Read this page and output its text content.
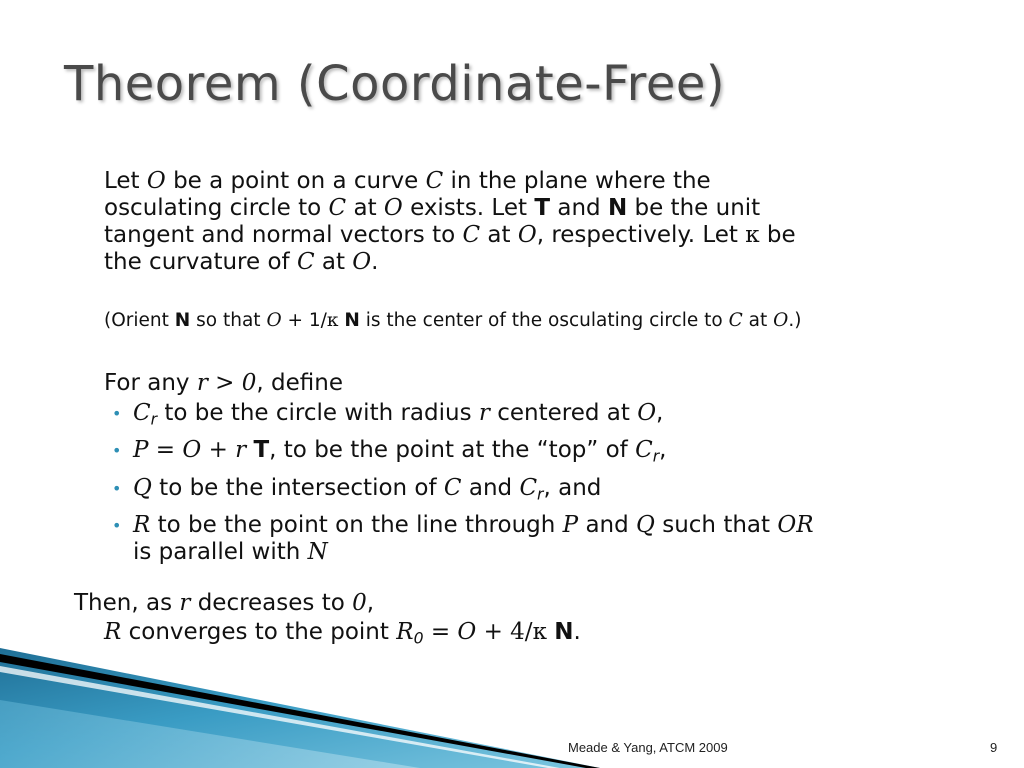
Theorem (Coordinate-Free)
Let O be a point on a curve C in the plane where the
osculating circle to C at O exists. Let T and N be the unit
tangent and normal vectors to C at O, respectively. Let κ be
the curvature of C at O.
(Orient N so that O + 1/κ N is the center of the osculating circle to C at O.)
For any r > 0, define
• $C_r$ to be the circle with radius r centered at O,
• P = O + r T, to be the point at the “top” of $C_r$,
• Q to be the intersection of C and $C_r$, and
• R to be the point on the line through P and Q such that OR
is parallel with N
Then, as r decreases to 0,
R converges to the point $R_0 = O + 4/\kappa$ N.
Meade & Yang, ATCM 2009	9
